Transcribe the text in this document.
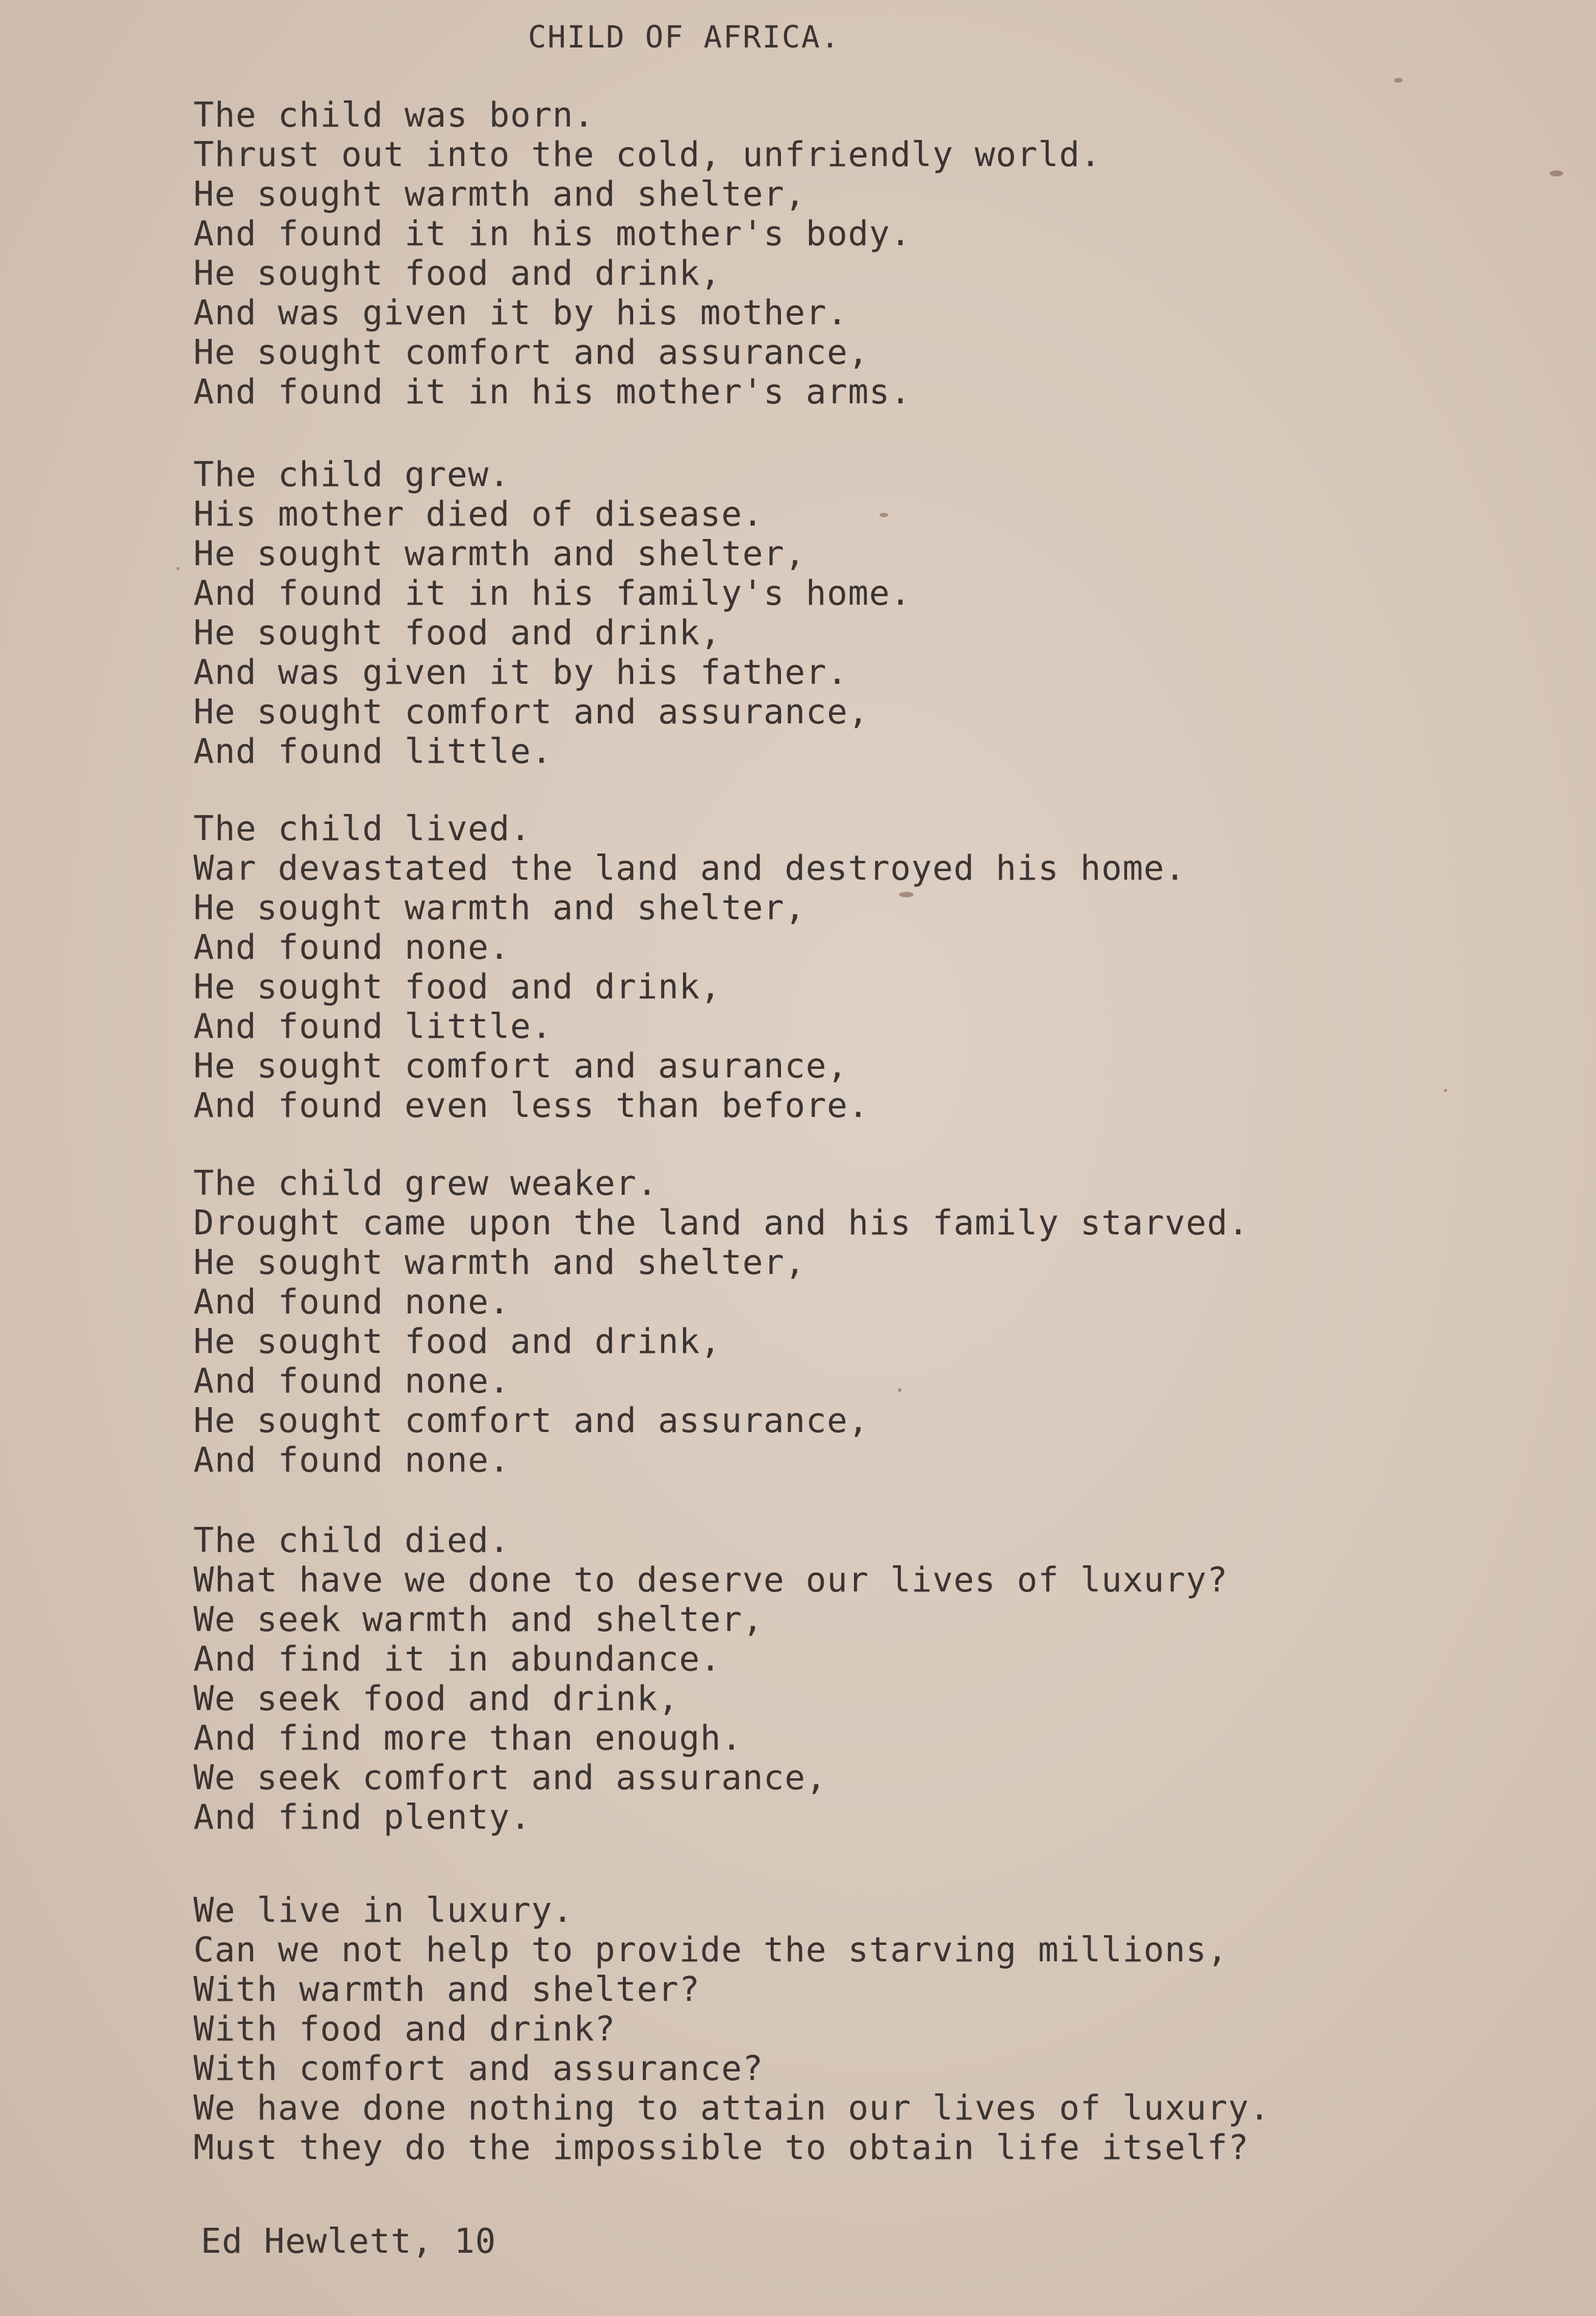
CHILD OF AFRICA.
The child was born.
Thrust out into the cold, unfriendly world.
He sought warmth and shelter,
And found it in his mother's body.
He sought food and drink,
And was given it by his mother.
He sought comfort and assurance,
And found it in his mother's arms.
The child grew.
His mother died of disease.
He sought warmth and shelter,
And found it in his family's home.
He sought food and drink,
And was given it by his father.
He sought comfort and assurance,
And found little.
The child lived.
War devastated the land and destroyed his home.
He sought warmth and shelter,
And found none.
He sought food and drink,
And found little.
He sought comfort and asurance,
And found even less than before.
The child grew weaker.
Drought came upon the land and his family starved.
He sought warmth and shelter,
And found none.
He sought food and drink,
And found none.
He sought comfort and assurance,
And found none.
The child died.
What have we done to deserve our lives of luxury?
We seek warmth and shelter,
And find it in abundance.
We seek food and drink,
And find more than enough.
We seek comfort and assurance,
And find plenty.
We live in luxury.
Can we not help to provide the starving millions,
With warmth and shelter?
With food and drink?
With comfort and assurance?
We have done nothing to attain our lives of luxury.
Must they do the impossible to obtain life itself?
Ed Hewlett, 10
